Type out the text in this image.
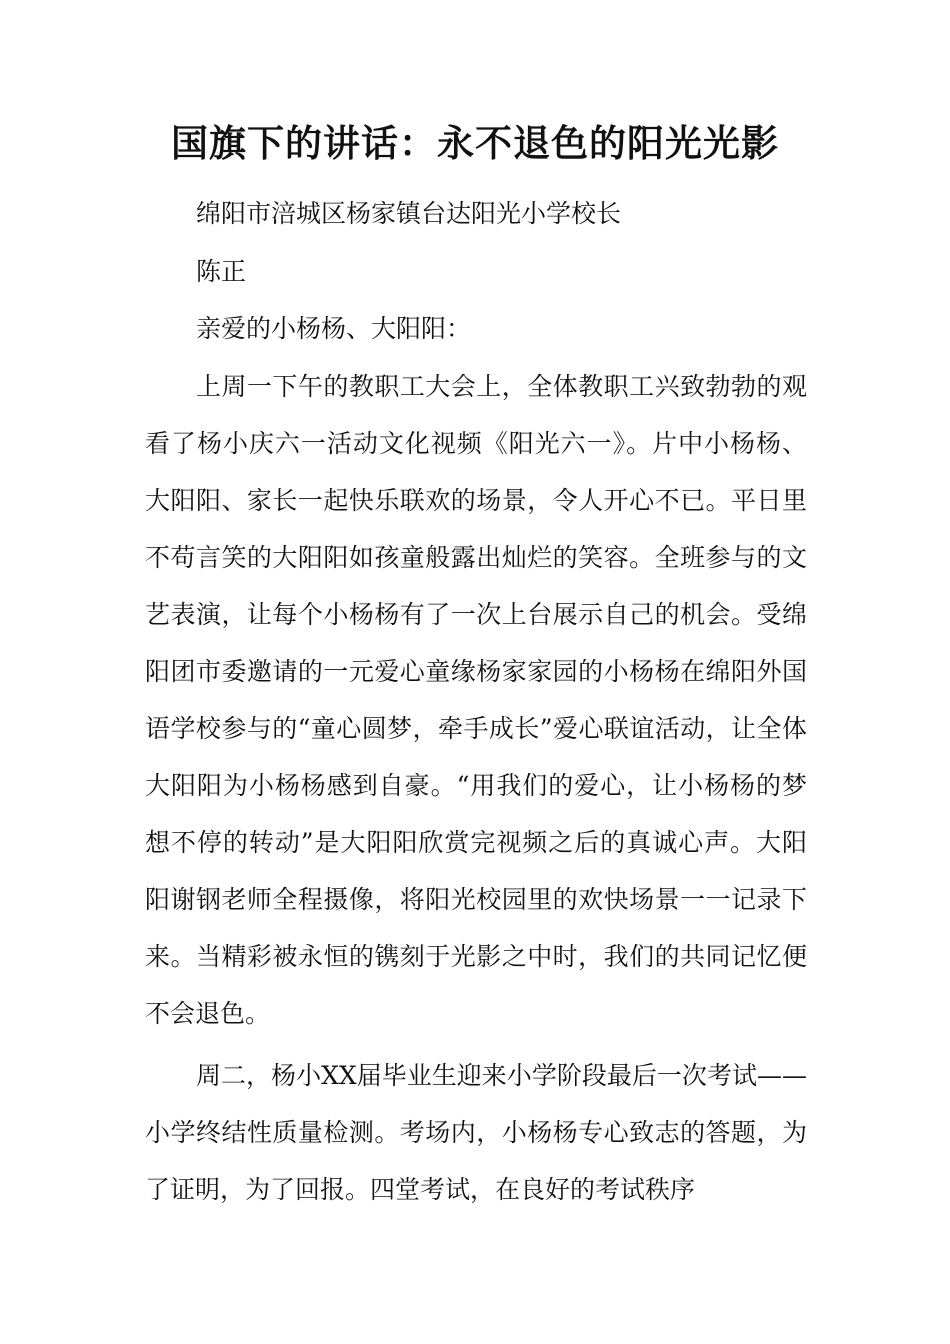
国旗下的讲话：永不退色的阳光光影

绵阳市涪城区杨家镇台达阳光小学校长

陈正

亲爱的小杨杨、大阳阳：

上周一下午的教职工大会上，全体教职工兴致勃勃的观看了杨小庆六一活动文化视频《阳光六一》。片中小杨杨、大阳阳、家长一起快乐联欢的场景，令人开心不已。平日里不苟言笑的大阳阳如孩童般露出灿烂的笑容。全班参与的文艺表演，让每个小杨杨有了一次上台展示自己的机会。受绵阳团市委邀请的一元爱心童缘杨家家园的小杨杨在绵阳外国语学校参与的“童心圆梦，牵手成长”爱心联谊活动，让全体大阳阳为小杨杨感到自豪。“用我们的爱心，让小杨杨的梦想不停的转动”是大阳阳欣赏完视频之后的真诚心声。大阳阳谢钢老师全程摄像，将阳光校园里的欢快场景一一记录下来。当精彩被永恒的镌刻于光影之中时，我们的共同记忆便不会退色。

周二，杨小XX届毕业生迎来小学阶段最后一次考试——小学终结性质量检测。考场内，小杨杨专心致志的答题，为了证明，为了回报。四堂考试，在良好的考试秩序
